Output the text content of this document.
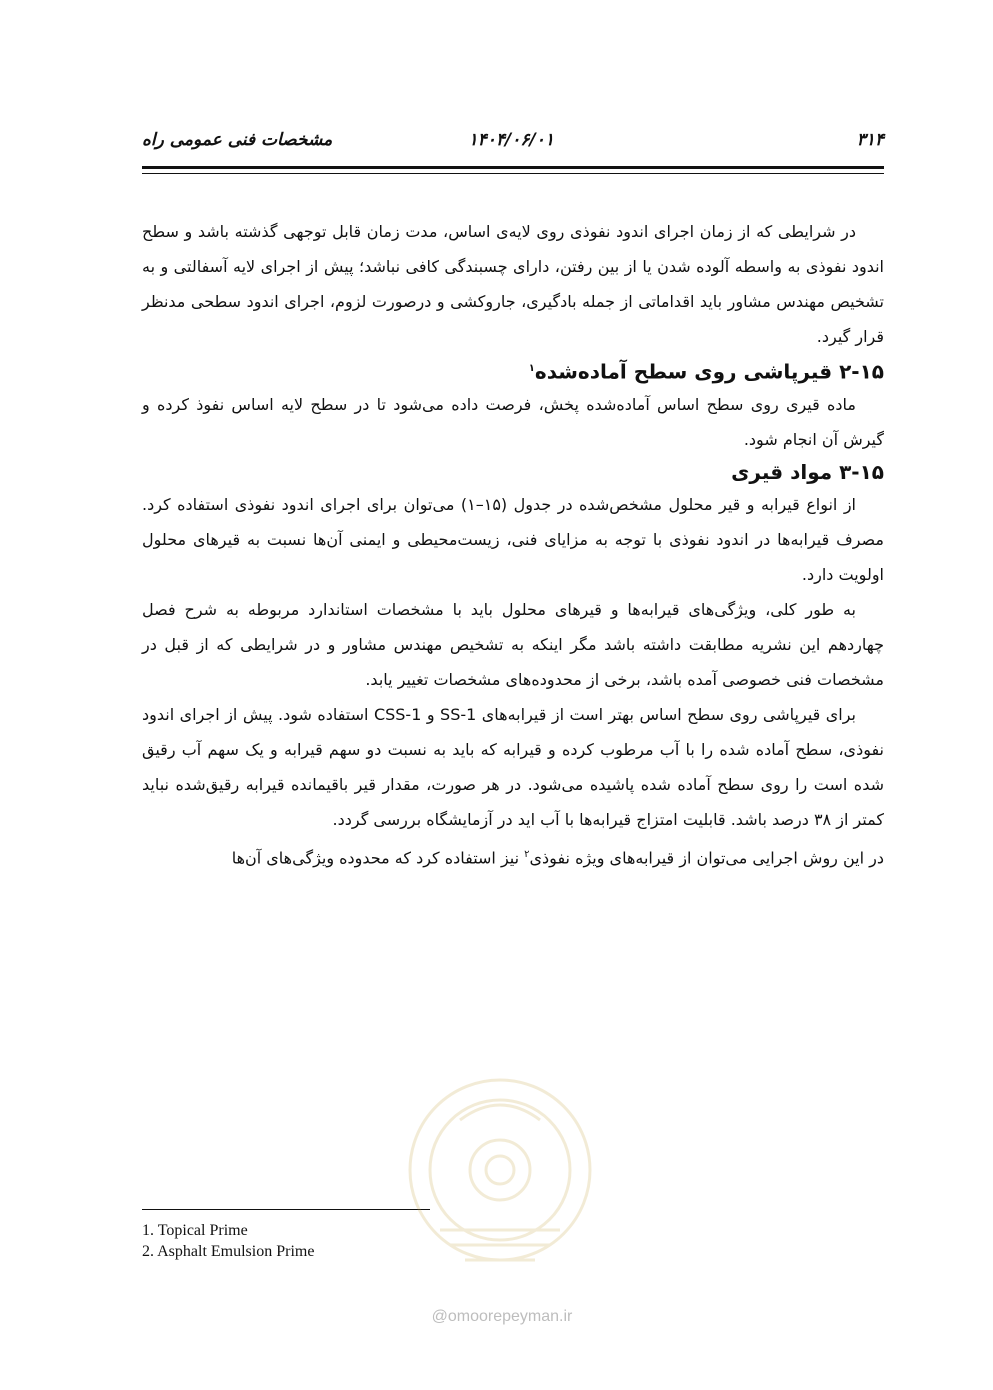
۳۱۴
۱۴۰۴/۰۶/۰۱
مشخصات فنی عمومی راه

در شرایطی که از زمان اجرای اندود نفوذی روی لایه‌ی اساس، مدت زمان قابل توجهی گذشته باشد و سطح اندود نفوذی به واسطه آلوده شدن یا از بین رفتن، دارای چسبندگی کافی نباشد؛ پیش از اجرای لایه آسفالتی و به تشخیص مهندس مشاور باید اقداماتی از جمله بادگیری، جاروکشی و درصورت لزوم، اجرای اندود سطحی مدنظر قرار گیرد.

۲-۱۵ قیرپاشی روی سطح آماده‌شده$^۱$

ماده قیری روی سطح اساس آماده‌شده پخش، فرصت داده می‌شود تا در سطح لایه اساس نفوذ کرده و گیرش آن انجام شود.

۳-۱۵ مواد قیری

از انواع قیرابه و قیر محلول مشخص‌شده در جدول (۱۵–۱) می‌توان برای اجرای اندود نفوذی استفاده کرد. مصرف قیرابه‌ها در اندود نفوذی با توجه به مزایای فنی، زیست‌محیطی و ایمنی آن‌ها نسبت به قیرهای محلول اولویت دارد.

به طور کلی، ویژگی‌های قیرابه‌ها و قیرهای محلول باید با مشخصات استاندارد مربوطه به شرح فصل چهاردهم این نشریه مطابقت داشته باشد مگر اینکه به تشخیص مهندس مشاور و در شرایطی که از قبل در مشخصات فنی خصوصی آمده باشد، برخی از محدوده‌های مشخصات تغییر یابد.

برای قیرپاشی روی سطح اساس بهتر است از قیرابه‌های SS-1 و CSS-1 استفاده شود. پیش از اجرای اندود نفوذی، سطح آماده شده را با آب مرطوب کرده و قیرابه که باید به نسبت دو سهم قیرابه و یک سهم آب رقیق شده است را روی سطح آماده شده پاشیده می‌شود. در هر صورت، مقدار قیر باقیمانده قیرابه رقیق‌شده نباید کمتر از ۳۸ درصد باشد. قابلیت امتزاج قیرابه‌ها با آب اید در آزمایشگاه بررسی گردد.

در این روش اجرایی می‌توان از قیرابه‌های ویژه نفوذی$^۲$ نیز استفاده کرد که محدوده ویژگی‌های آن‌ها

1. Topical Prime
2. Asphalt Emulsion Prime
@omoorepeyman.ir
